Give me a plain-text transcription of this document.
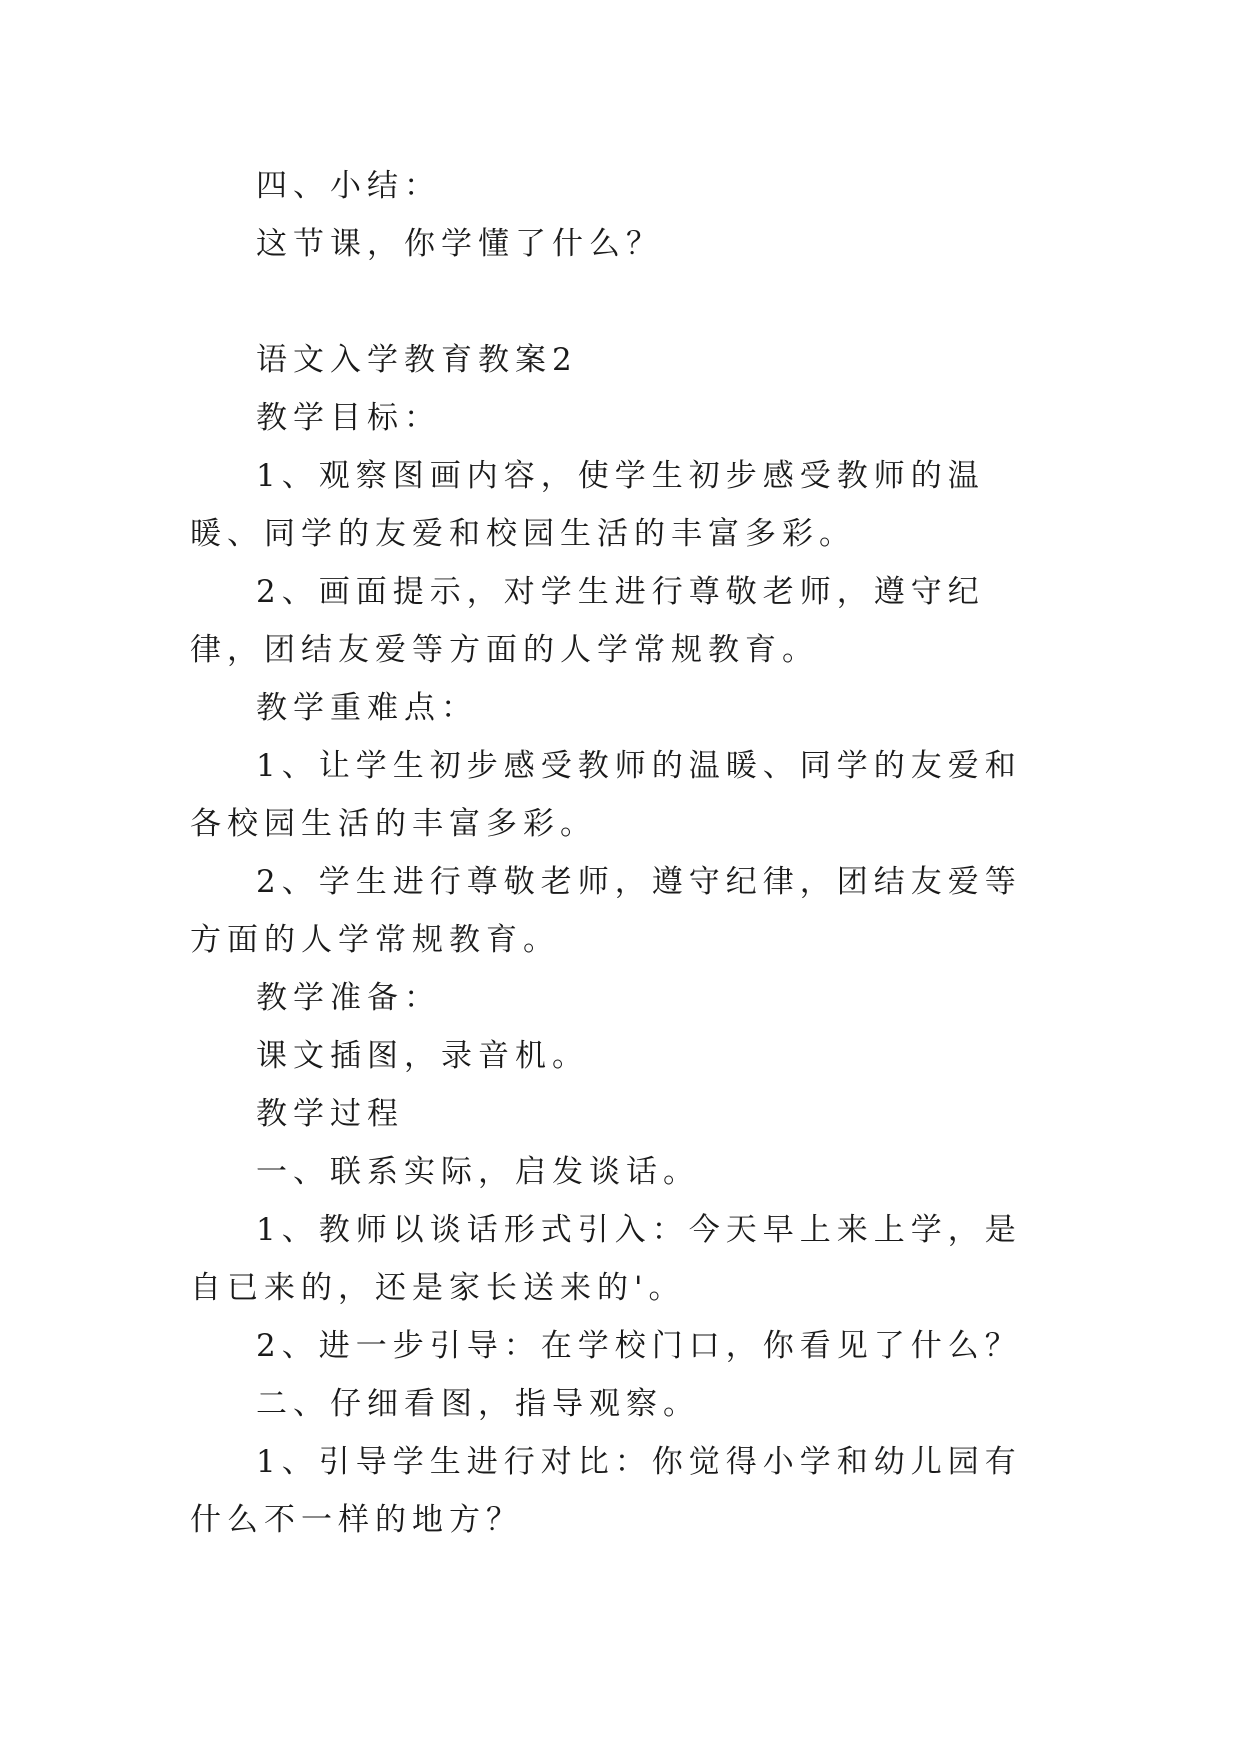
四、小结：

这节课，你学懂了什么？

语文入学教育教案2

教学目标：

1、观察图画内容，使学生初步感受教师的温暖、同学的友爱和校园生活的丰富多彩。

2、画面提示，对学生进行尊敬老师，遵守纪律，团结友爱等方面的人学常规教育。

教学重难点：

1、让学生初步感受教师的温暖、同学的友爱和各校园生活的丰富多彩。

2、学生进行尊敬老师，遵守纪律，团结友爱等方面的人学常规教育。

教学准备：

课文插图，录音机。

教学过程

一、联系实际，启发谈话。

1、教师以谈话形式引入：今天早上来上学，是自已来的，还是家长送来的'。

2、进一步引导：在学校门口，你看见了什么？

二、仔细看图，指导观察。

1、引导学生进行对比：你觉得小学和幼儿园有什么不一样的地方？
